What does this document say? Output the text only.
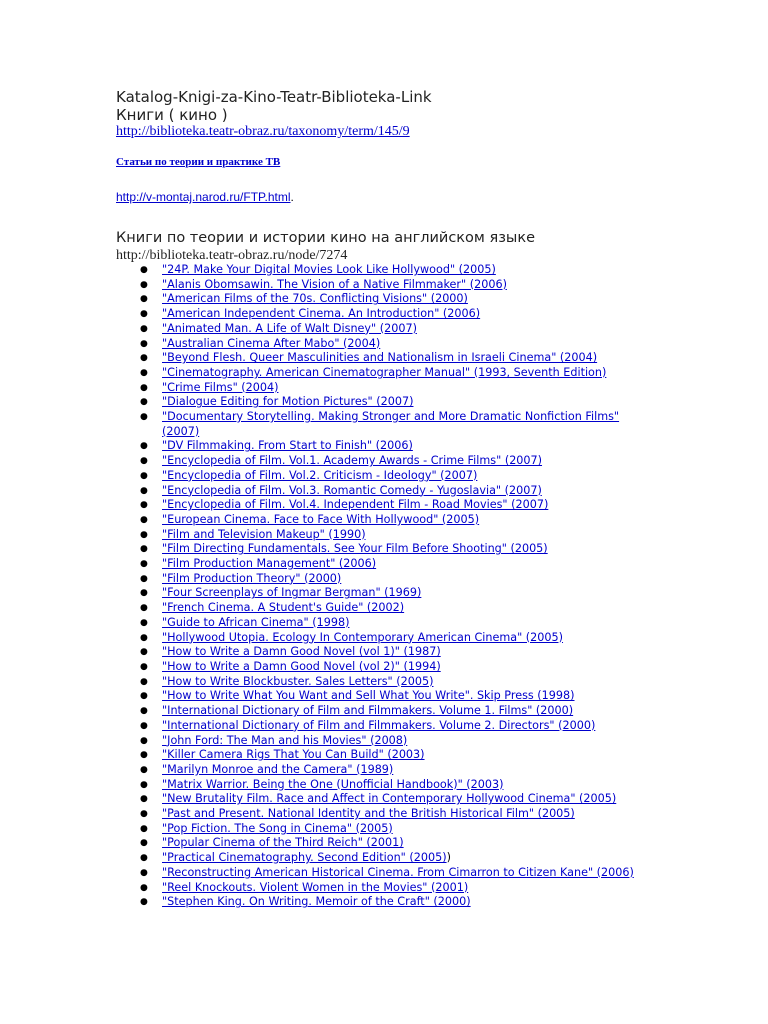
Katalog-Knigi-za-Kino-Teatr-Biblioteka-Link
Книги ( кино )
http://biblioteka.teatr-obraz.ru/taxonomy/term/145/9
Статьи по теории и практике ТВ
http://v-montaj.narod.ru/FTP.html.
Книги по теории и истории кино на английском языке
http://biblioteka.teatr-obraz.ru/node/7274
● "24P. Make Your Digital Movies Look Like Hollywood" (2005)
● "Alanis Obomsawin. The Vision of a Native Filmmaker" (2006)
● "American Films of the 70s. Conflicting Visions" (2000)
● "American Independent Cinema. An Introduction" (2006)
● "Animated Man. A Life of Walt Disney" (2007)
● "Australian Cinema After Mabo" (2004)
● "Beyond Flesh. Queer Masculinities and Nationalism in Israeli Cinema" (2004)
● "Cinematography. American Cinematographer Manual" (1993, Seventh Edition)
● "Crime Films" (2004)
● "Dialogue Editing for Motion Pictures" (2007)
● "Documentary Storytelling. Making Stronger and More Dramatic Nonfiction Films" (2007)
● "DV Filmmaking. From Start to Finish" (2006)
● "Encyclopedia of Film. Vol.1. Academy Awards - Crime Films" (2007)
● "Encyclopedia of Film. Vol.2. Criticism - Ideology" (2007)
● "Encyclopedia of Film. Vol.3. Romantic Comedy - Yugoslavia" (2007)
● "Encyclopedia of Film. Vol.4. Independent Film - Road Movies" (2007)
● "European Cinema. Face to Face With Hollywood" (2005)
● "Film and Television Makeup" (1990)
● "Film Directing Fundamentals. See Your Film Before Shooting" (2005)
● "Film Production Management" (2006)
● "Film Production Theory" (2000)
● "Four Screenplays of Ingmar Bergman" (1969)
● "French Cinema. A Student's Guide" (2002)
● "Guide to African Cinema" (1998)
● "Hollywood Utopia. Ecology In Contemporary American Cinema" (2005)
● "How to Write a Damn Good Novel (vol 1)" (1987)
● "How to Write a Damn Good Novel (vol 2)" (1994)
● "How to Write Blockbuster. Sales Letters" (2005)
● "How to Write What You Want and Sell What You Write". Skip Press (1998)
● "International Dictionary of Film and Filmmakers. Volume 1. Films" (2000)
● "International Dictionary of Film and Filmmakers. Volume 2. Directors" (2000)
● "John Ford: The Man and his Movies" (2008)
● "Killer Camera Rigs That You Can Build" (2003)
● "Marilyn Monroe and the Camera" (1989)
● "Matrix Warrior. Being the One (Unofficial Handbook)" (2003)
● "New Brutality Film. Race and Affect in Contemporary Hollywood Cinema" (2005)
● "Past and Present. National Identity and the British Historical Film" (2005)
● "Pop Fiction. The Song in Cinema" (2005)
● "Popular Cinema of the Third Reich" (2001)
● "Practical Cinematography. Second Edition" (2005))
● "Reconstructing American Historical Cinema. From Cimarron to Citizen Kane" (2006)
● "Reel Knockouts. Violent Women in the Movies" (2001)
● "Stephen King. On Writing. Memoir of the Craft" (2000)
